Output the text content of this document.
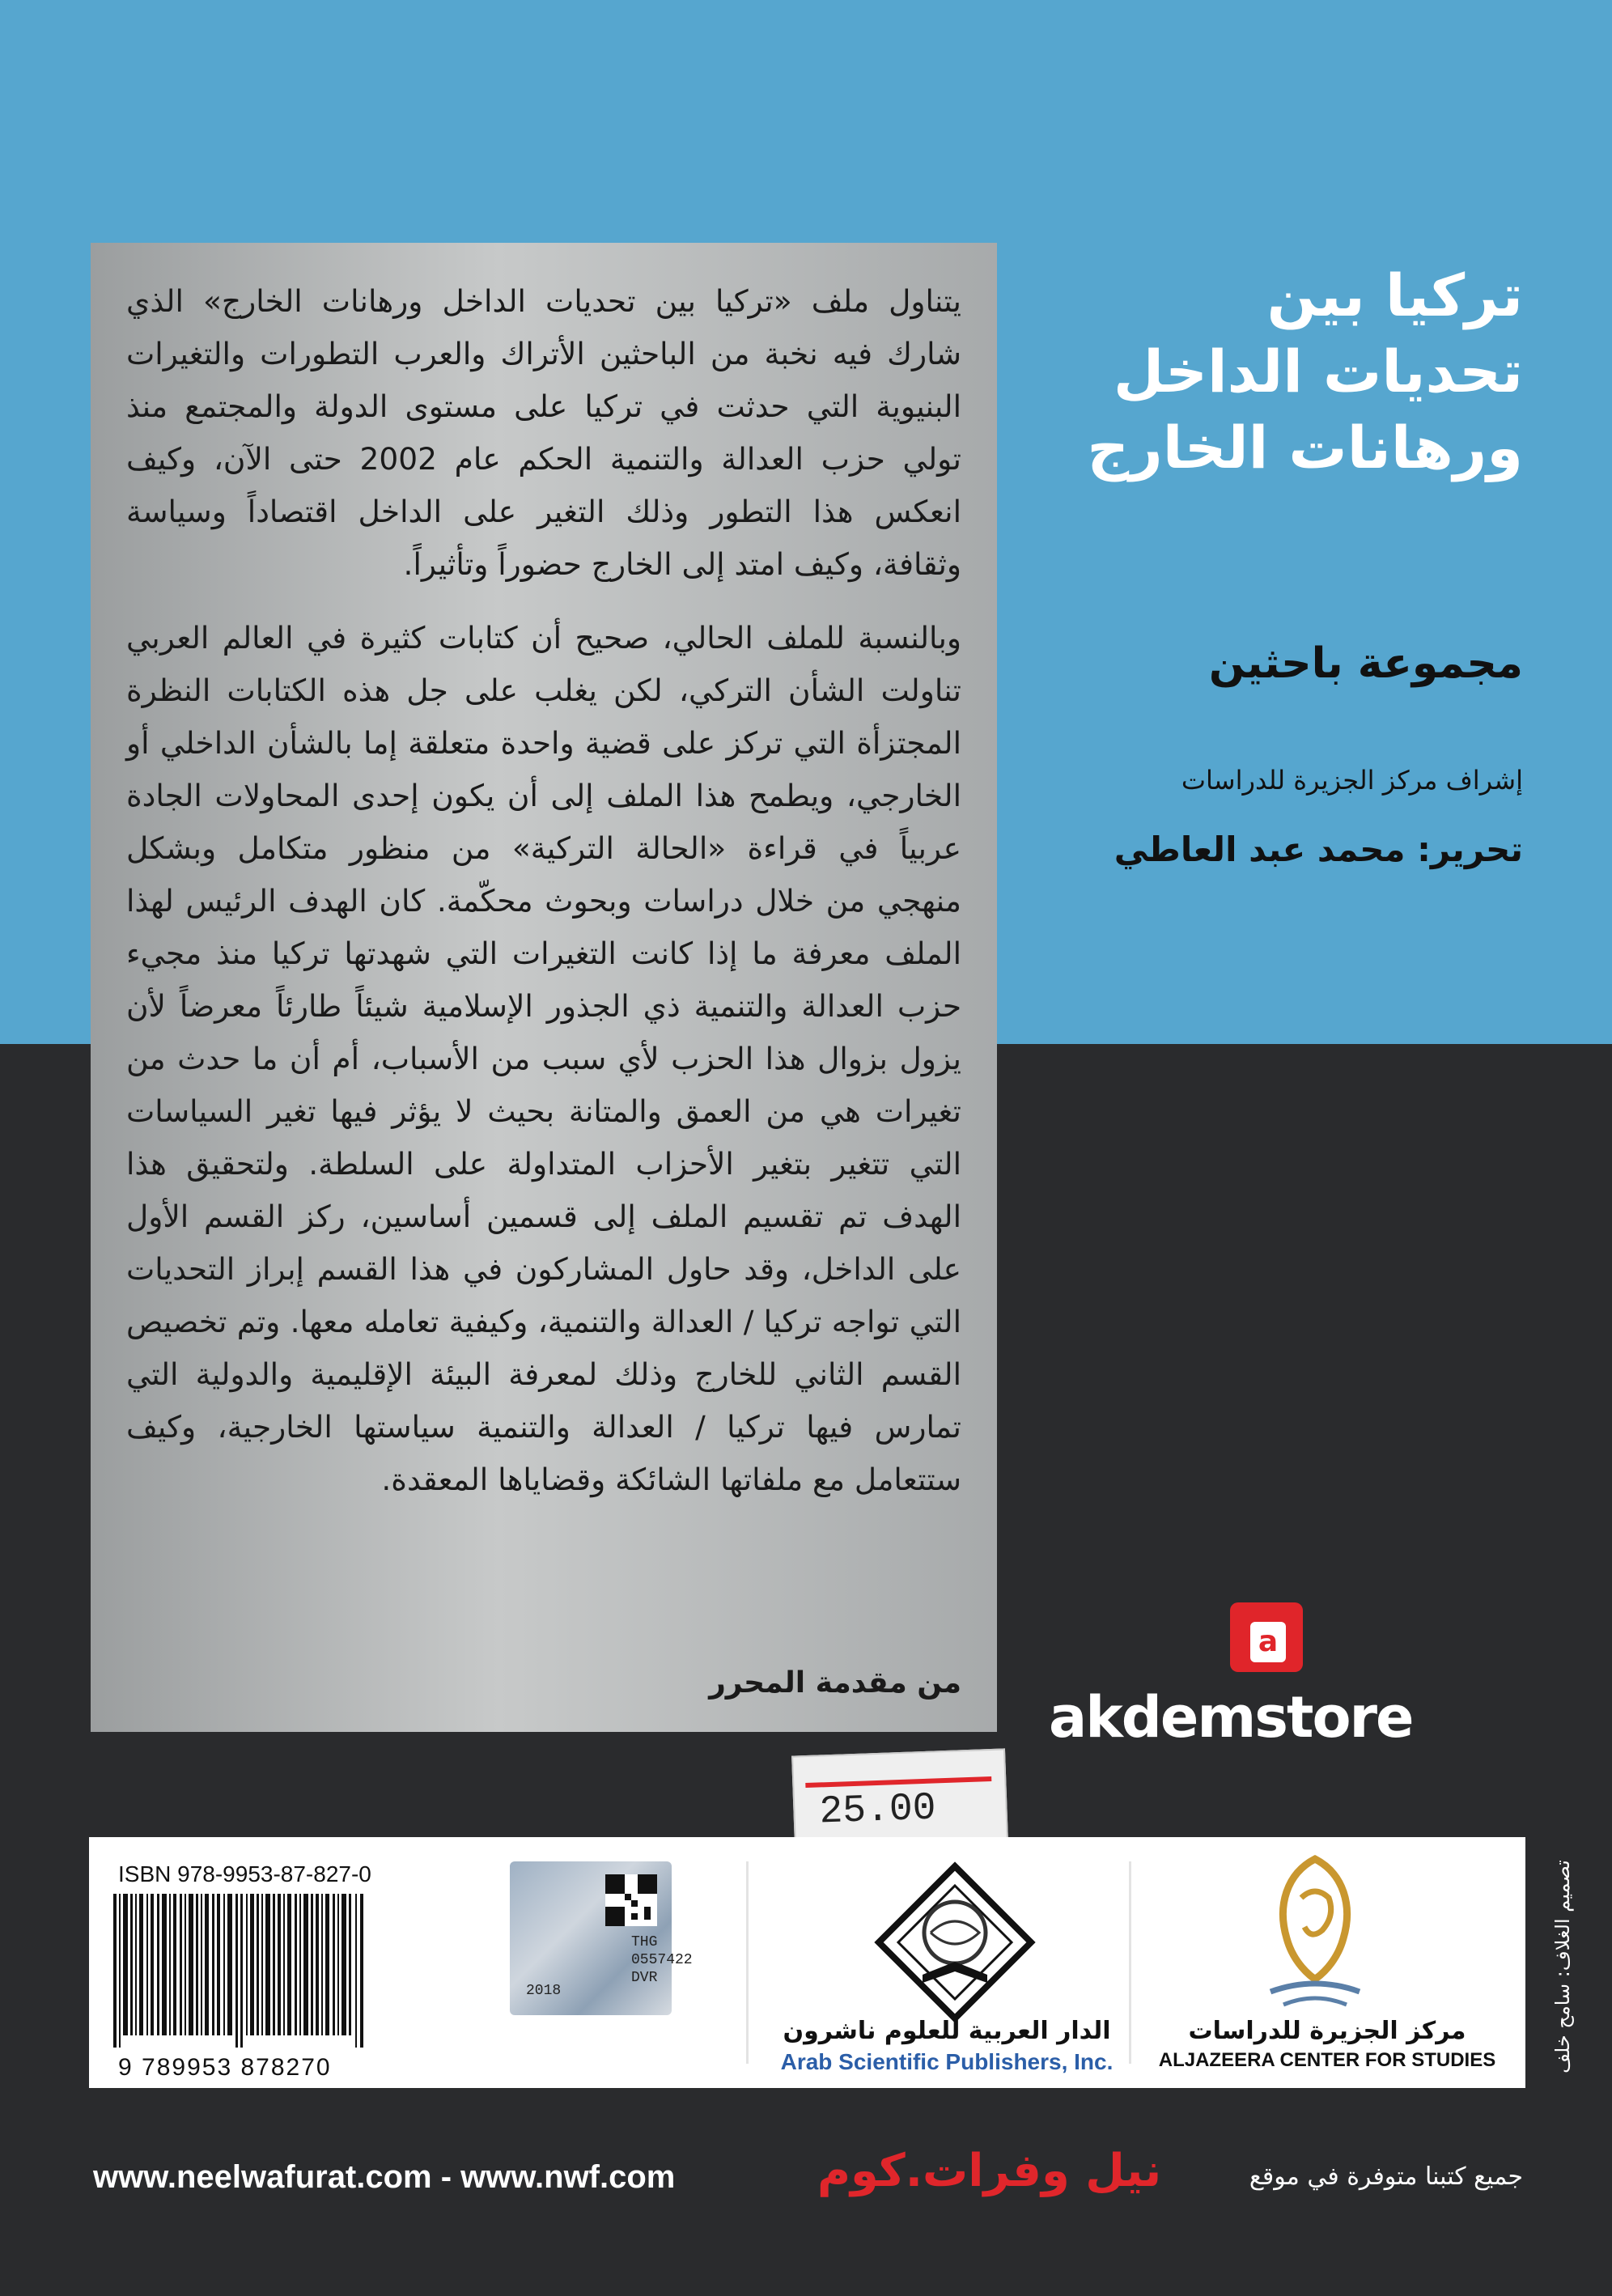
يتناول ملف «تركيا بين تحديات الداخل ورهانات الخارج» الذي شارك فيه نخبة من الباحثين الأتراك والعرب التطورات والتغيرات البنيوية التي حدثت في تركيا على مستوى الدولة والمجتمع منذ تولي حزب العدالة والتنمية الحكم عام 2002 حتى الآن، وكيف انعكس هذا التطور وذلك التغير على الداخل اقتصاداً وسياسة وثقافة، وكيف امتد إلى الخارج حضوراً وتأثيراً.

وبالنسبة للملف الحالي، صحيح أن كتابات كثيرة في العالم العربي تناولت الشأن التركي، لكن يغلب على جل هذه الكتابات النظرة المجتزأة التي تركز على قضية واحدة متعلقة إما بالشأن الداخلي أو الخارجي، ويطمح هذا الملف إلى أن يكون إحدى المحاولات الجادة عربياً في قراءة «الحالة التركية» من منظور متكامل وبشكل منهجي من خلال دراسات وبحوث محكّمة. كان الهدف الرئيس لهذا الملف معرفة ما إذا كانت التغيرات التي شهدتها تركيا منذ مجيء حزب العدالة والتنمية ذي الجذور الإسلامية شيئاً طارئاً معرضاً لأن يزول بزوال هذا الحزب لأي سبب من الأسباب، أم أن ما حدث من تغيرات هي من العمق والمتانة بحيث لا يؤثر فيها تغير السياسات التي تتغير بتغير الأحزاب المتداولة على السلطة. ولتحقيق هذا الهدف تم تقسيم الملف إلى قسمين أساسين، ركز القسم الأول على الداخل، وقد حاول المشاركون في هذا القسم إبراز التحديات التي تواجه تركيا / العدالة والتنمية، وكيفية تعامله معها. وتم تخصيص القسم الثاني للخارج وذلك لمعرفة البيئة الإقليمية والدولية التي تمارس فيها تركيا / العدالة والتنمية سياستها الخارجية، وكيف ستتعامل مع ملفاتها الشائكة وقضاياها المعقدة.

من مقدمة المحرر
تركيا بين
تحديات الداخل
ورهانات الخارج
مجموعة باحثين
إشراف مركز الجزيرة للدراسات
تحرير: محمد عبد العاطي
a
akdemstore
25.00
ISBN 978-9953-87-827-0
9 789953 878270
THG
0557422
DVR
2018
الدار العربية للعلوم ناشرون
Arab Scientific Publishers, Inc.
مركز الجزيرة للدراسات
ALJAZEERA CENTER FOR STUDIES	تصميم الغلاف: سامح خلف
www.neelwafurat.com - www.nwf.com	نيل وفرات.كوم	جميع كتبنا متوفرة في موقع
